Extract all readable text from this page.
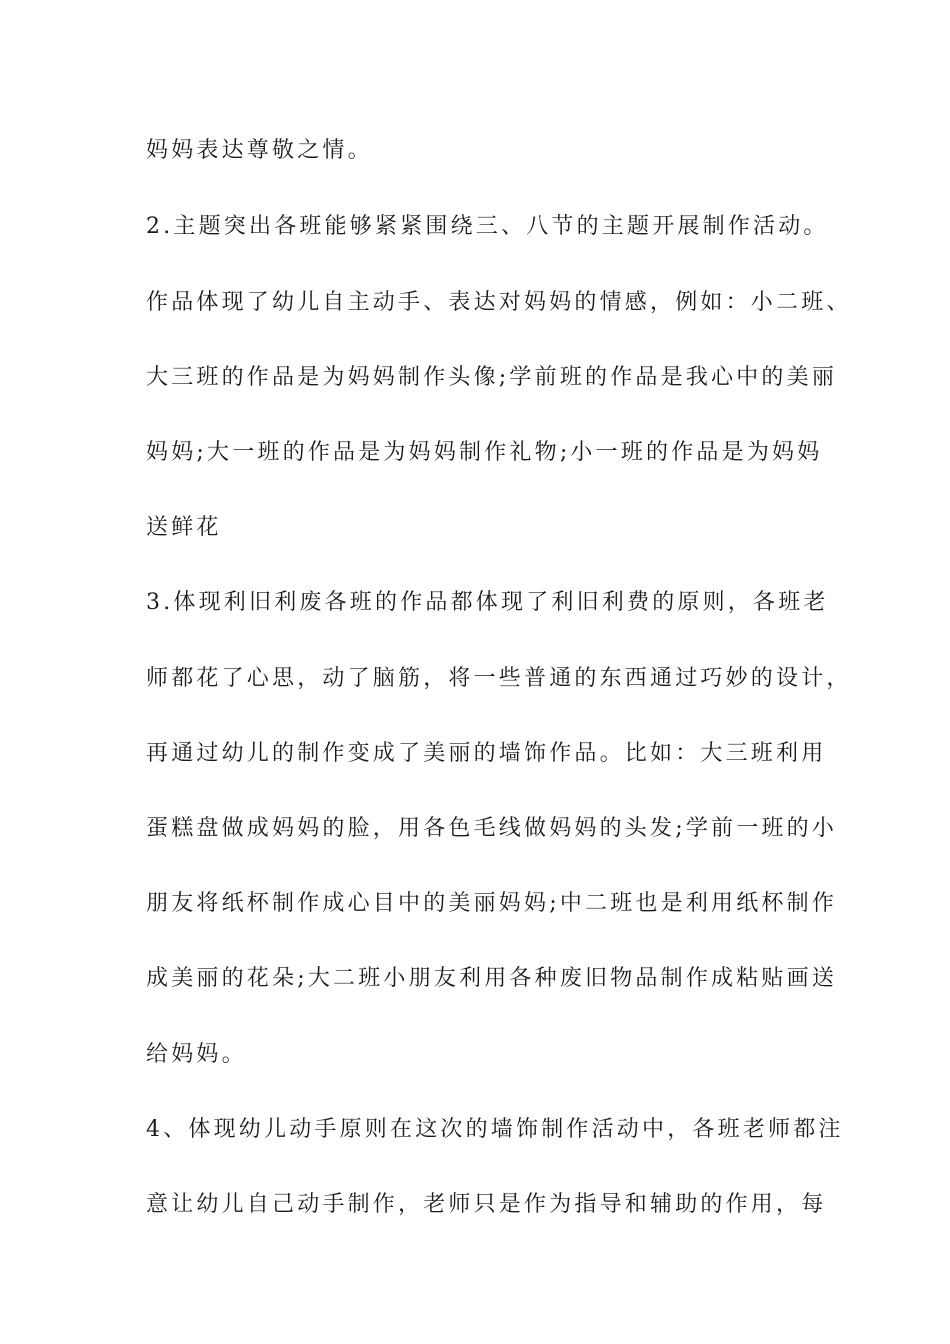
妈妈表达尊敬之情。
2.主题突出各班能够紧紧围绕三、八节的主题开展制作活动。
作品体现了幼儿自主动手、表达对妈妈的情感，例如：小二班、
大三班的作品是为妈妈制作头像;学前班的作品是我心中的美丽
妈妈;大一班的作品是为妈妈制作礼物;小一班的作品是为妈妈
送鲜花
3.体现利旧利废各班的作品都体现了利旧利费的原则，各班老
师都花了心思，动了脑筋，将一些普通的东西通过巧妙的设计，
再通过幼儿的制作变成了美丽的墙饰作品。比如：大三班利用
蛋糕盘做成妈妈的脸，用各色毛线做妈妈的头发;学前一班的小
朋友将纸杯制作成心目中的美丽妈妈;中二班也是利用纸杯制作
成美丽的花朵;大二班小朋友利用各种废旧物品制作成粘贴画送
给妈妈。
4、体现幼儿动手原则在这次的墙饰制作活动中，各班老师都注
意让幼儿自己动手制作，老师只是作为指导和辅助的作用，每
